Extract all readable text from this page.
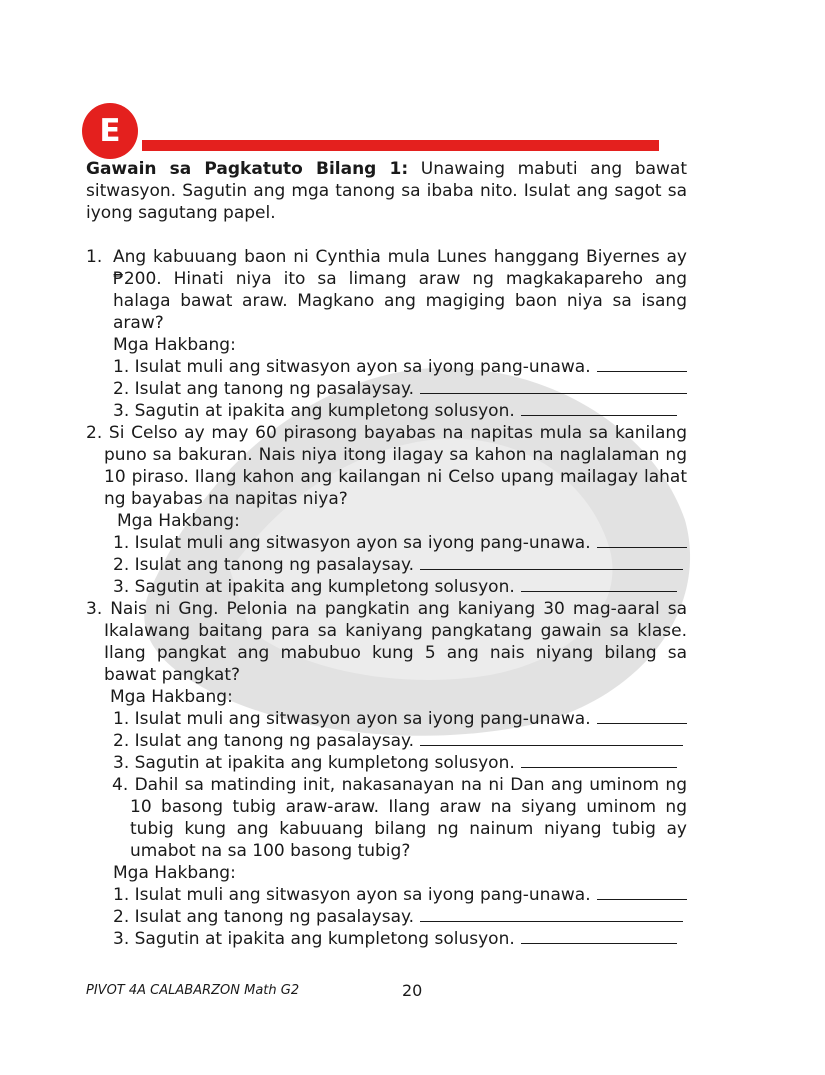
E

Gawain sa Pagkatuto Bilang 1: Unawaing mabuti ang bawat sitwasyon. Sagutin ang mga tanong sa ibaba nito. Isulat ang sagot sa iyong sagutang papel.

1. Ang kabuuang baon ni Cynthia mula Lunes hanggang Biyernes ay ₱200. Hinati niya ito sa limang araw ng magkakapareho ang halaga bawat araw. Magkano ang magiging baon niya sa isang araw?

Mga Hakbang:

1. Isulat muli ang sitwasyon ayon sa iyong pang-unawa.
2. Isulat ang tanong ng pasalaysay.
3. Sagutin at ipakita ang kumpletong solusyon.

2. Si Celso ay may 60 pirasong bayabas na napitas mula sa kanilang puno sa bakuran. Nais niya itong ilagay sa kahon na naglalaman ng 10 piraso. Ilang kahon ang kailangan ni Celso upang mailagay lahat ng bayabas na napitas niya?

Mga Hakbang:

1. Isulat muli ang sitwasyon ayon sa iyong pang-unawa.
2. Isulat ang tanong ng pasalaysay.
3. Sagutin at ipakita ang kumpletong solusyon.

3. Nais ni Gng. Pelonia na pangkatin ang kaniyang 30 mag-aaral sa Ikalawang baitang para sa kaniyang pangkatang gawain sa klase. Ilang pangkat ang mabubuo kung 5 ang nais niyang bilang sa bawat pangkat?

Mga Hakbang:

1. Isulat muli ang sitwasyon ayon sa iyong pang-unawa.
2. Isulat ang tanong ng pasalaysay.
3. Sagutin at ipakita ang kumpletong solusyon.

4. Dahil sa matinding init, nakasanayan na ni Dan ang uminom ng 10 basong tubig araw-araw. Ilang araw na siyang uminom ng tubig kung ang kabuuang bilang ng nainum niyang tubig ay umabot na sa 100 basong tubig?

Mga Hakbang:

1. Isulat muli ang sitwasyon ayon sa iyong pang-unawa.
2. Isulat ang tanong ng pasalaysay.
3. Sagutin at ipakita ang kumpletong solusyon.
PIVOT 4A CALABARZON Math G2	20
